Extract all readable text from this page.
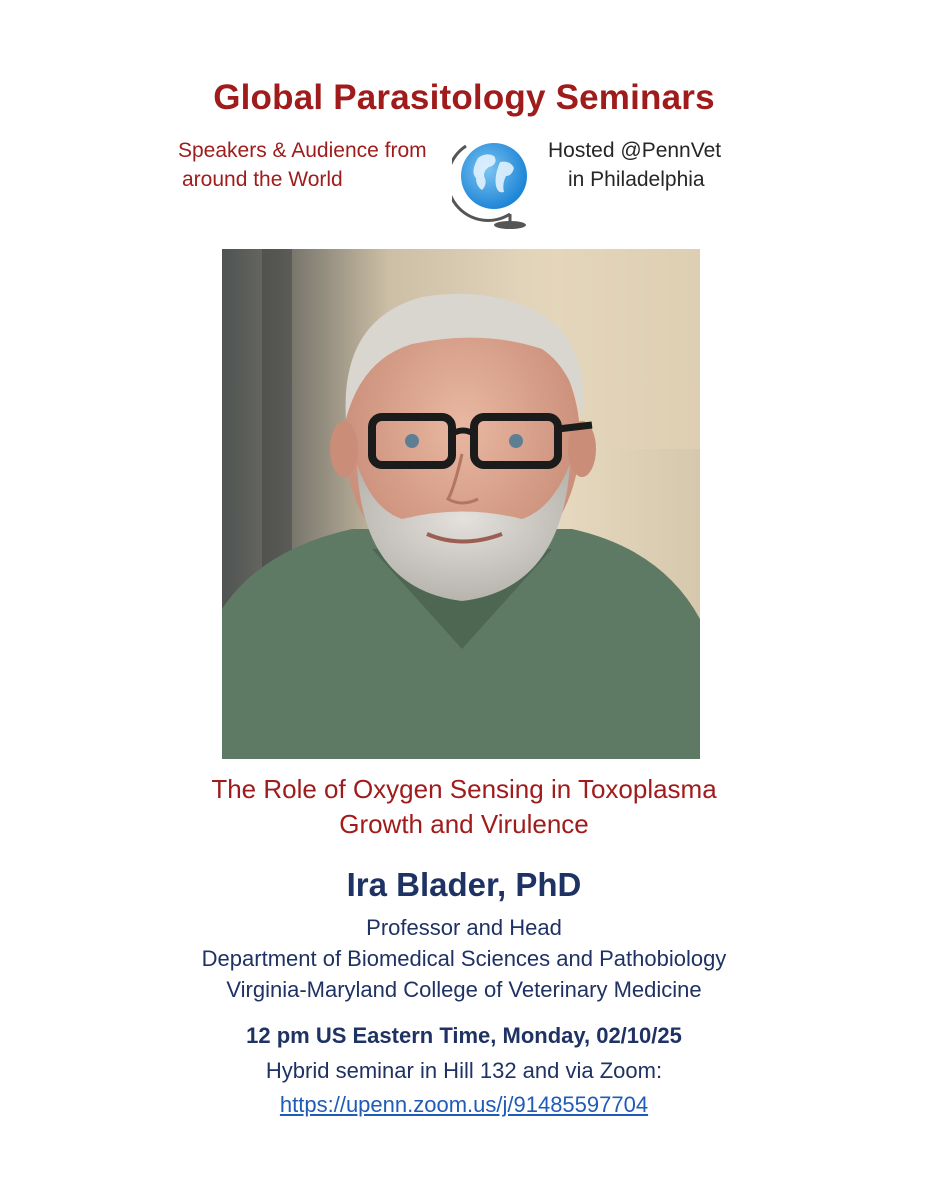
Global Parasitology Seminars
Speakers & Audience from
around the World
Hosted @PennVet
in Philadelphia
The Role of Oxygen Sensing in Toxoplasma
Growth and Virulence
Ira Blader, PhD
Professor and Head
Department of Biomedical Sciences and Pathobiology
Virginia-Maryland College of Veterinary Medicine
12 pm US Eastern Time, Monday, 02/10/25
Hybrid seminar in Hill 132 and via Zoom:
https://upenn.zoom.us/j/91485597704
